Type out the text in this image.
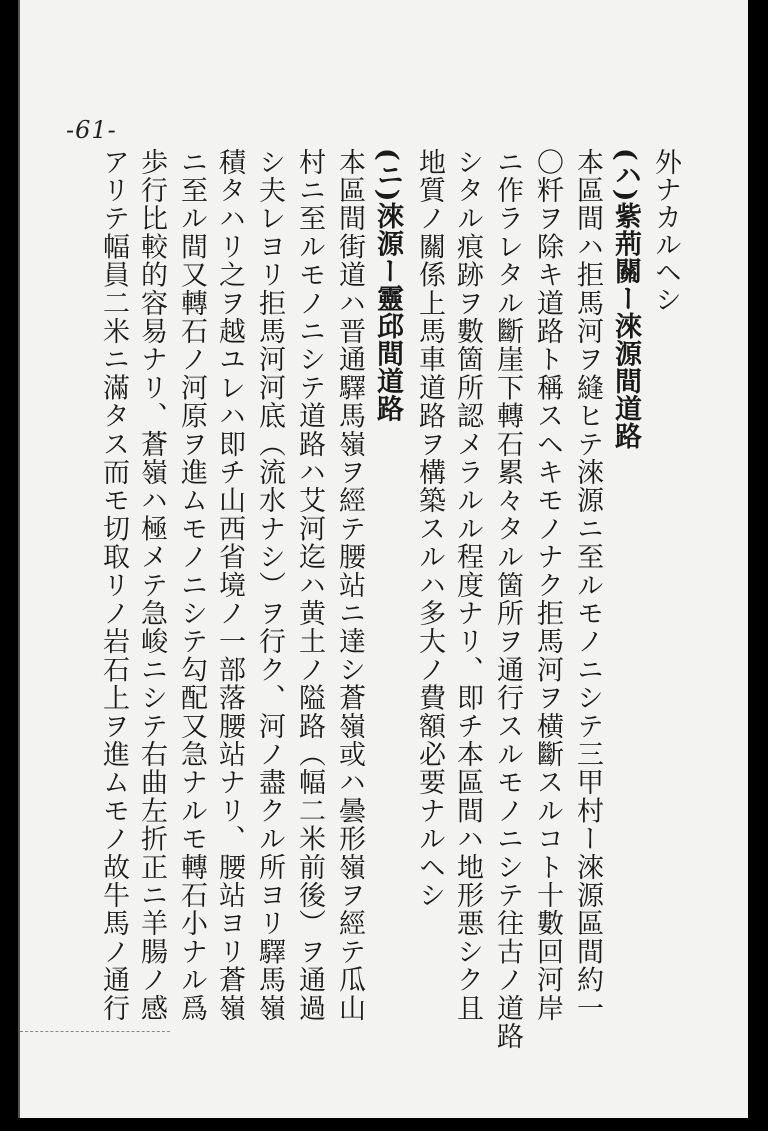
-61-
外ナカルヘシ
(ハ)紫荊關ー淶源間道路
本區間ハ拒馬河ヲ縫ヒテ淶源ニ至ルモノニシテ三甲村ー淶源區間約一
〇粁ヲ除キ道路ト稱スヘキモノナク拒馬河ヲ横斷スルコト十數回河岸
ニ作ラレタル斷崖下轉石累々タル箇所ヲ通行スルモノニシテ往古ノ道路
シタル痕跡ヲ數箇所認メラルル程度ナリ、即チ本區間ハ地形悪シク且
地質ノ關係上馬車道路ヲ構築スルハ多大ノ費額必要ナルヘシ
(ニ)淶源ー靈邱間道路
本區間街道ハ晋通驛馬嶺ヲ經テ腰站ニ達シ蒼嶺或ハ曇形嶺ヲ經テ瓜山
村ニ至ルモノニシテ道路ハ艾河迄ハ黄土ノ隘路（幅二米前後）ヲ通過
シ夫レヨリ拒馬河河底（流水ナシ）ヲ行ク、河ノ盡クル所ヨリ驛馬嶺
積タハリ之ヲ越ユレハ即チ山西省境ノ一部落腰站ナリ、腰站ヨリ蒼嶺
ニ至ル間又轉石ノ河原ヲ進ムモノニシテ勾配又急ナルモ轉石小ナル爲
歩行比較的容易ナリ、蒼嶺ハ極メテ急峻ニシテ右曲左折正ニ羊腸ノ感
アリテ幅員二米ニ滿タス而モ切取リノ岩石上ヲ進ムモノ故牛馬ノ通行
